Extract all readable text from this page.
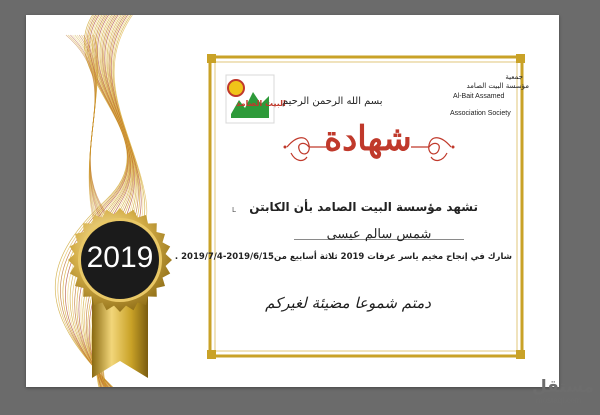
2019
البيت الصامد
جمعية
مؤسسة البيت الصامد
Al-Bait Assamed
Association Society
بسم الله الرحمن الرحيم
شهادة
L تشهد مؤسسة البيت الصامد بأن الكابتن
شمس سالم عيسى
شارك في إنجاح مخيم ياسر عرفات 2019 ثلاثة أسابيع من2019/6/15-2019/7/4 .
دمتم شموعا مضيئة لغيركم
مستقل
mostaql.com
